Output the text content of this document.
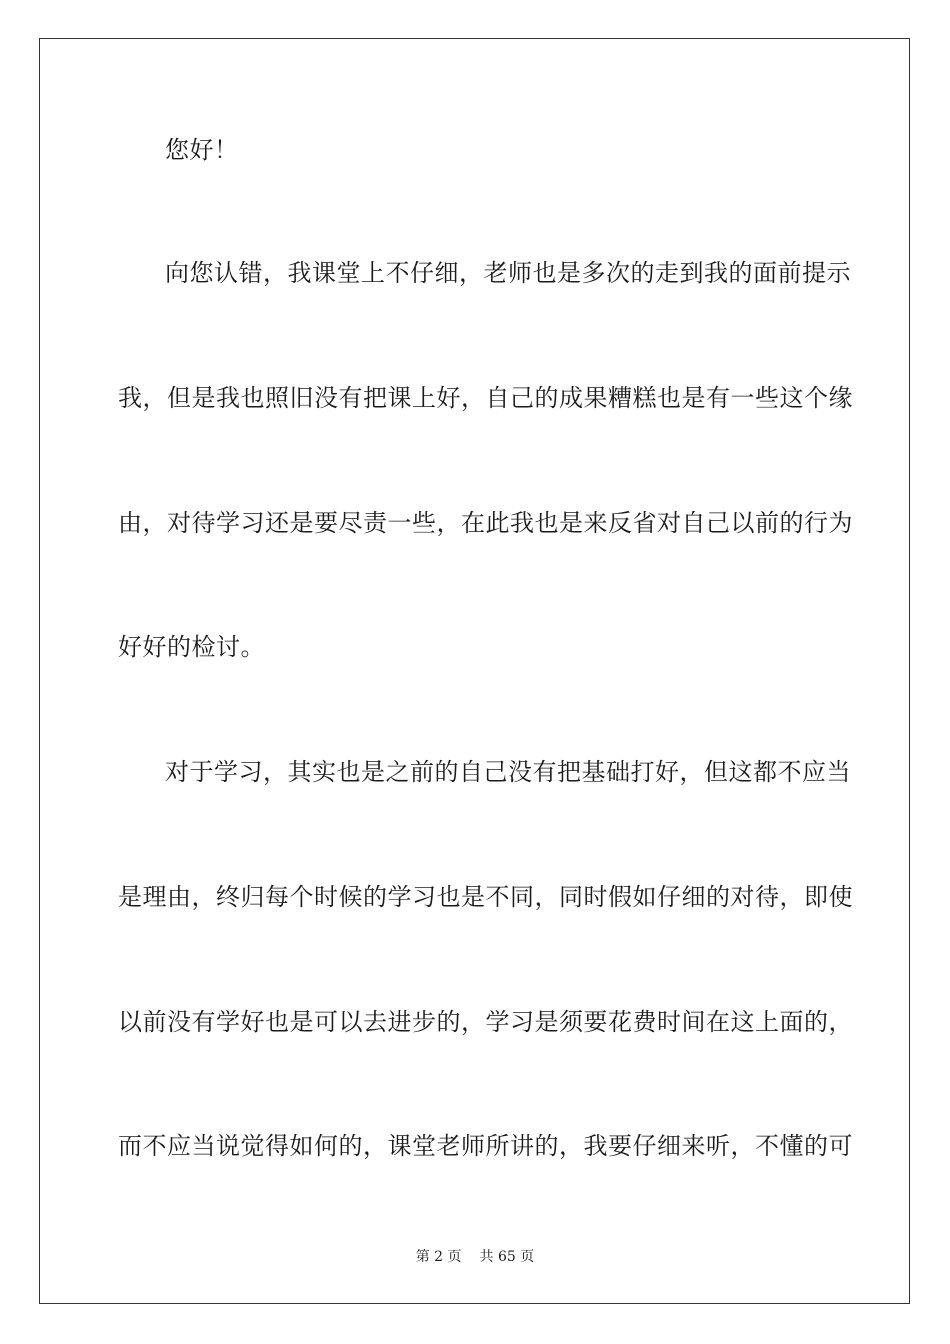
您好！
向您认错，我课堂上不仔细，老师也是多次的走到我的面前提示
我，但是我也照旧没有把课上好，自己的成果糟糕也是有一些这个缘
由，对待学习还是要尽责一些，在此我也是来反省对自己以前的行为
好好的检讨。
对于学习，其实也是之前的自己没有把基础打好，但这都不应当
是理由，终归每个时候的学习也是不同，同时假如仔细的对待，即使
以前没有学好也是可以去进步的，学习是须要花费时间在这上面的，
而不应当说觉得如何的，课堂老师所讲的，我要仔细来听，不懂的可
第 2 页 共 65 页
